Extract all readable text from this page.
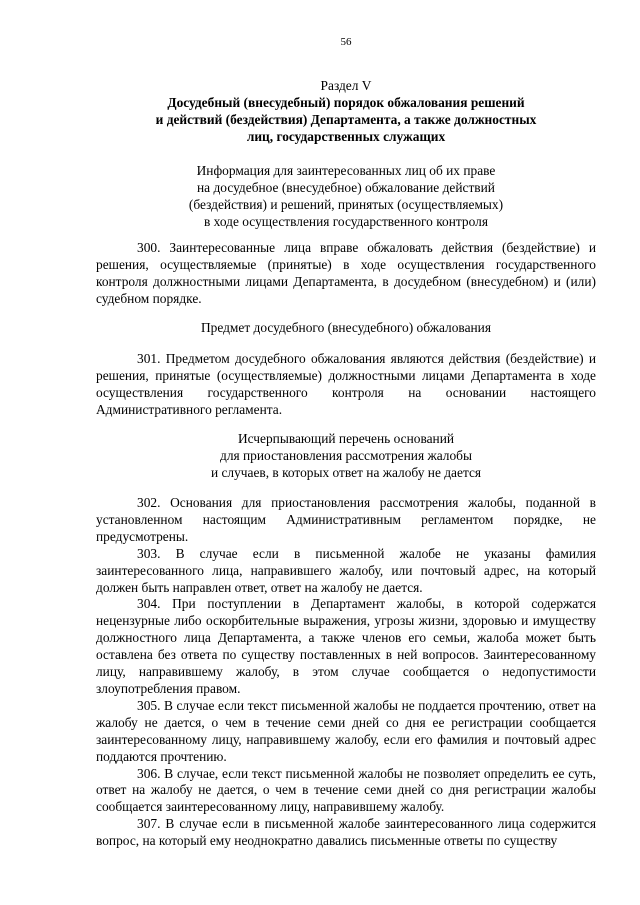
56
Раздел V
Досудебный (внесудебный) порядок обжалования решений
и действий (бездействия) Департамента, а также должностных
лиц, государственных служащих
Информация для заинтересованных лиц об их праве
на досудебное (внесудебное) обжалование действий
(бездействия) и решений, принятых (осуществляемых)
в ходе осуществления государственного контроля

300. Заинтересованные лица вправе обжаловать действия (бездействие) и решения, осуществляемые (принятые) в ходе осуществления государственного контроля должностными лицами Департамента, в досудебном (внесудебном) и (или) судебном порядке.

Предмет досудебного (внесудебного) обжалования

301. Предметом досудебного обжалования являются действия (бездействие) и решения, принятые (осуществляемые) должностными лицами Департамента в ходе осуществления государственного контроля на основании настоящего Административного регламента.

Исчерпывающий перечень оснований
для приостановления рассмотрения жалобы
и случаев, в которых ответ на жалобу не дается

302. Основания для приостановления рассмотрения жалобы, поданной в установленном настоящим Административным регламентом порядке, не предусмотрены.

303. В случае если в письменной жалобе не указаны фамилия заинтересованного лица, направившего жалобу, или почтовый адрес, на который должен быть направлен ответ, ответ на жалобу не дается.

304. При поступлении в Департамент жалобы, в которой содержатся нецензурные либо оскорбительные выражения, угрозы жизни, здоровью и имуществу должностного лица Департамента, а также членов его семьи, жалоба может быть оставлена без ответа по существу поставленных в ней вопросов. Заинтересованному лицу, направившему жалобу, в этом случае сообщается о недопустимости злоупотребления правом.

305. В случае если текст письменной жалобы не поддается прочтению, ответ на жалобу не дается, о чем в течение семи дней со дня ее регистрации сообщается заинтересованному лицу, направившему жалобу, если его фамилия и почтовый адрес поддаются прочтению.

306. В случае, если текст письменной жалобы не позволяет определить ее суть, ответ на жалобу не дается, о чем в течение семи дней со дня регистрации жалобы сообщается заинтересованному лицу, направившему жалобу.

307. В случае если в письменной жалобе заинтересованного лица содержится вопрос, на который ему неоднократно давались письменные ответы по существу
